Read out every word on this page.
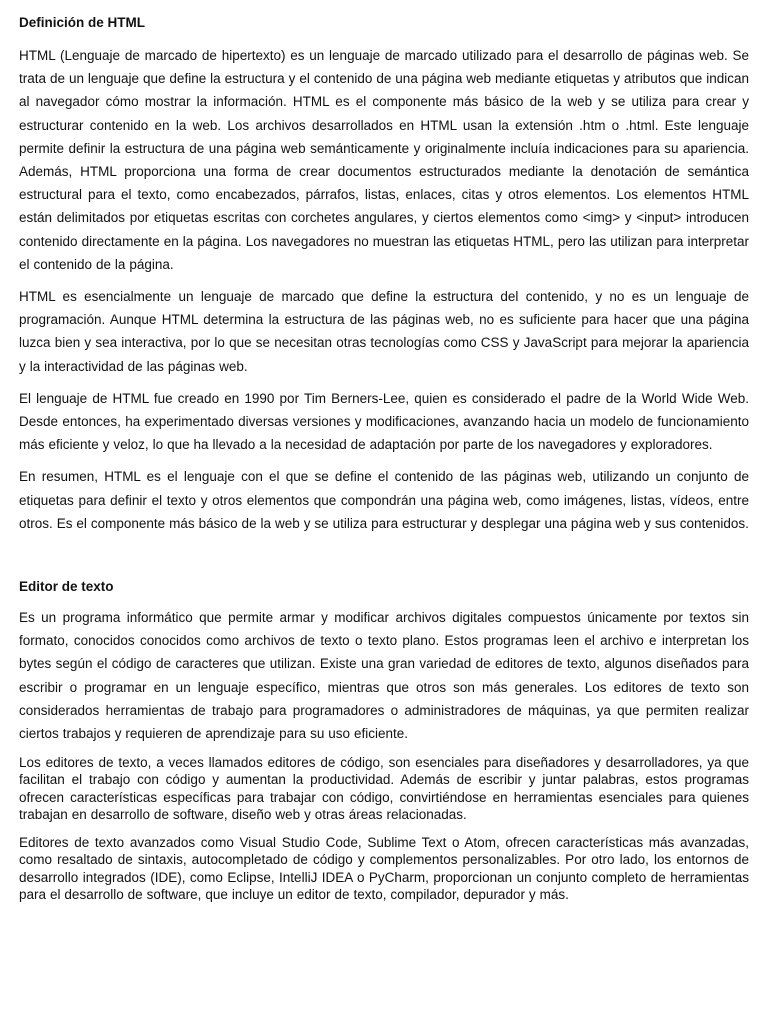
Definición de HTML

HTML (Lenguaje de marcado de hipertexto) es un lenguaje de marcado utilizado para el desarrollo de páginas web. Se trata de un lenguaje que define la estructura y el contenido de una página web mediante etiquetas y atributos que indican al navegador cómo mostrar la información. HTML es el componente más básico de la web y se utiliza para crear y estructurar contenido en la web. Los archivos desarrollados en HTML usan la extensión .htm o .html. Este lenguaje permite definir la estructura de una página web semánticamente y originalmente incluía indicaciones para su apariencia. Además, HTML proporciona una forma de crear documentos estructurados mediante la denotación de semántica estructural para el texto, como encabezados, párrafos, listas, enlaces, citas y otros elementos. Los elementos HTML están delimitados por etiquetas escritas con corchetes angulares, y ciertos elementos como <img> y <input> introducen contenido directamente en la página. Los navegadores no muestran las etiquetas HTML, pero las utilizan para interpretar el contenido de la página.

HTML es esencialmente un lenguaje de marcado que define la estructura del contenido, y no es un lenguaje de programación. Aunque HTML determina la estructura de las páginas web, no es suficiente para hacer que una página luzca bien y sea interactiva, por lo que se necesitan otras tecnologías como CSS y JavaScript para mejorar la apariencia y la interactividad de las páginas web.

El lenguaje de HTML fue creado en 1990 por Tim Berners-Lee, quien es considerado el padre de la World Wide Web. Desde entonces, ha experimentado diversas versiones y modificaciones, avanzando hacia un modelo de funcionamiento más eficiente y veloz, lo que ha llevado a la necesidad de adaptación por parte de los navegadores y exploradores.

En resumen, HTML es el lenguaje con el que se define el contenido de las páginas web, utilizando un conjunto de etiquetas para definir el texto y otros elementos que compondrán una página web, como imágenes, listas, vídeos, entre otros. Es el componente más básico de la web y se utiliza para estructurar y desplegar una página web y sus contenidos.

Editor de texto

Es un programa informático que permite armar y modificar archivos digitales compuestos únicamente por textos sin formato, conocidos conocidos como archivos de texto o texto plano. Estos programas leen el archivo e interpretan los bytes según el código de caracteres que utilizan. Existe una gran variedad de editores de texto, algunos diseñados para escribir o programar en un lenguaje específico, mientras que otros son más generales. Los editores de texto son considerados herramientas de trabajo para programadores o administradores de máquinas, ya que permiten realizar ciertos trabajos y requieren de aprendizaje para su uso eficiente.

Los editores de texto, a veces llamados editores de código, son esenciales para diseñadores y desarrolladores, ya que facilitan el trabajo con código y aumentan la productividad. Además de escribir y juntar palabras, estos programas ofrecen características específicas para trabajar con código, convirtiéndose en herramientas esenciales para quienes trabajan en desarrollo de software, diseño web y otras áreas relacionadas.

Editores de texto avanzados como Visual Studio Code, Sublime Text o Atom, ofrecen características más avanzadas, como resaltado de sintaxis, autocompletado de código y complementos personalizables. Por otro lado, los entornos de desarrollo integrados (IDE), como Eclipse, IntelliJ IDEA o PyCharm, proporcionan un conjunto completo de herramientas para el desarrollo de software, que incluye un editor de texto, compilador, depurador y más.
